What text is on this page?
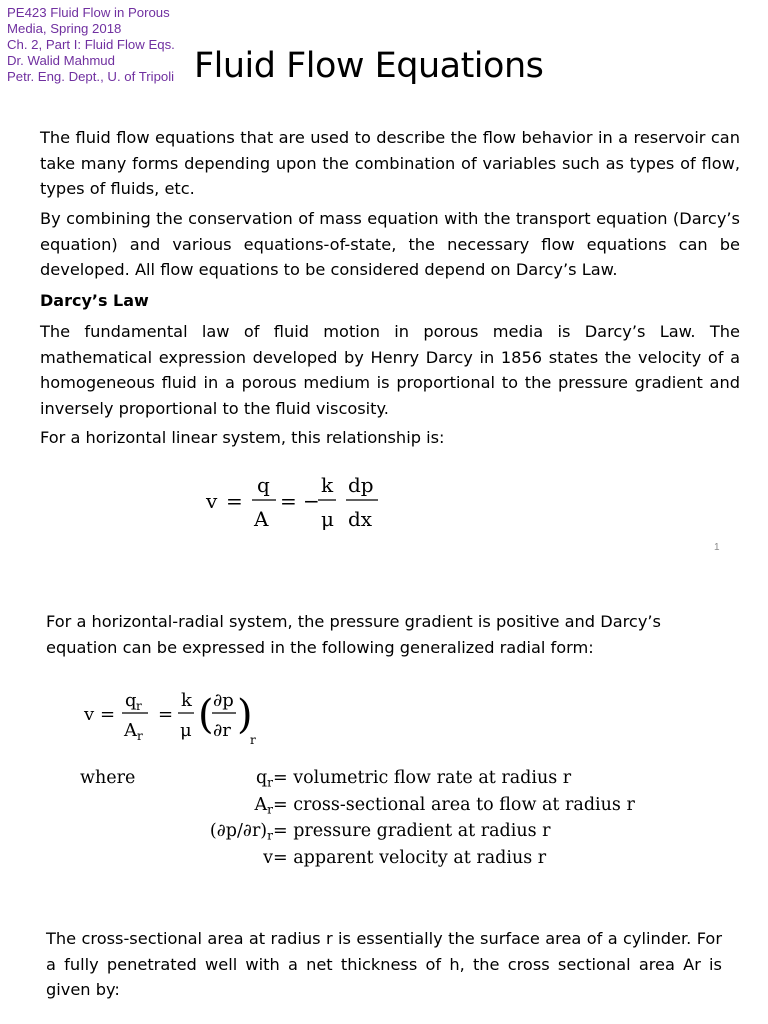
PE423 Fluid Flow in Porous
Media, Spring 2018
Ch. 2, Part I: Fluid Flow Eqs.
Dr. Walid Mahmud
Petr. Eng. Dept., U. of Tripoli Fluid Flow Equations

The fluid flow equations that are used to describe the flow behavior in a reservoir can take many forms depending upon the combination of variables such as types of flow, types of fluids, etc.

By combining the conservation of mass equation with the transport equation (Darcy’s equation) and various equations-of-state, the necessary flow equations can be developed. All flow equations to be considered depend on Darcy’s Law.

Darcy’s Law

The fundamental law of fluid motion in porous media is Darcy’s Law. The mathematical expression developed by Henry Darcy in 1856 states the velocity of a homogeneous fluid in a porous medium is proportional to the pressure gradient and inversely proportional to the fluid viscosity.

For a horizontal linear system, this relationship is:

v =
q
A
= −
k
μ
dp
dx
1

For a horizontal-radial system, the pressure gradient is positive and Darcy’s equation can be expressed in the following generalized radial form:

v =
q r
A r
=
k
μ ( ∂p
∂r )
r
where	$q_r$ = volumetric flow rate at radius r
$A_r$ = cross-sectional area to flow at radius r
$(\partial p/\partial r)_r$ = pressure gradient at radius r
v = apparent velocity at radius r

The cross-sectional area at radius r is essentially the surface area of a cylinder. For a fully penetrated well with a net thickness of h, the cross sectional area Ar is given by:
